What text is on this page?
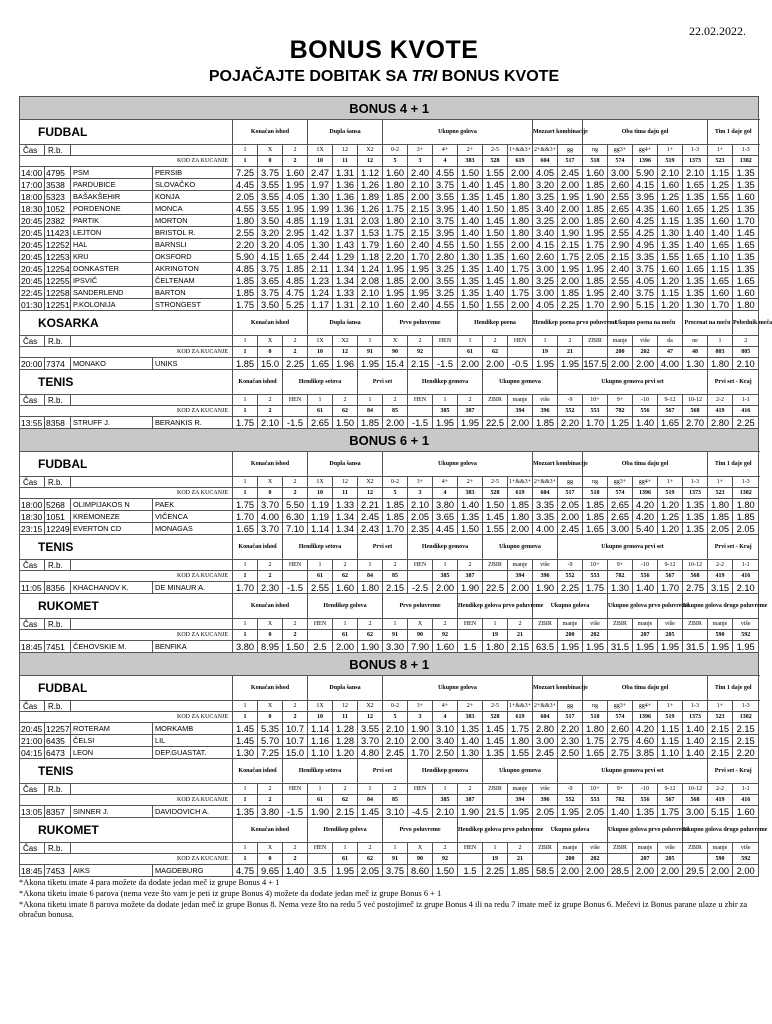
22.02.2022.
BONUS KVOTE
POJAČAJTE DOBITAK SA TRI BONUS KVOTE
BONUS 4 + 1																									
FUDBAL				Konačan ishod			Dupla šansa			Ukupno golova						Mozzart kombinacije		Oba tima daju gol					Tim 1 daje gol	
Čas	R.b.			1	X	2	1X	12	X2	0-2	3+	4+	2+	2-5	1+&&3+	2+&&3+	gg	ng	gg3+	gg4+	1+	1-3	1+	1-3	
KOD ZA KUCANJE				1	0	2	10	11	12	5	3	4	383	528	619	604	517	518	574	1396	519	1373	523	1382	
14:00	4795	PSM	PERSIB	7.25	3.75	1.60	2.47	1.31	1.12	1.60	2.40	4.55	1.50	1.55	2.00	4.05	2.45	1.60	3.00	5.90	2.10	2.10	1.15	1.35	
17:00	3538	PARDUBICE	SLOVAČKO	4.45	3.55	1.95	1.97	1.36	1.26	1.80	2.10	3.75	1.40	1.45	1.80	3.20	2.00	1.85	2.60	4.15	1.60	1.65	1.25	1.35	
18:00	5323	BAŠAKŠEHIR	KONJA	2.05	3.55	4.05	1.30	1.36	1.89	1.85	2.00	3.55	1.35	1.45	1.80	3.25	1.95	1.90	2.55	3.95	1.25	1.35	1.55	1.60	
18:30	1052	PORDENONE	MONCA	4.55	3.55	1.95	1.99	1.36	1.26	1.75	2.15	3.95	1.40	1.50	1.85	3.40	2.00	1.85	2.65	4.35	1.60	1.65	1.25	1.35	
20:45	2382	PARTIK	MORTON	1.80	3.50	4.85	1.19	1.31	2.03	1.80	2.10	3.75	1.40	1.45	1.80	3.25	2.00	1.85	2.60	4.25	1.15	1.35	1.60	1.70	
20:45	11423	LEJTON	BRISTOL R.	2.55	3.20	2.95	1.42	1.37	1.53	1.75	2.15	3.95	1.40	1.50	1.80	3.40	1.90	1.95	2.55	4.25	1.30	1.40	1.40	1.45	
20:45	12252	HAL	BARNSLI	2.20	3.20	4.05	1.30	1.43	1.79	1.60	2.40	4.55	1.50	1.55	2.00	4.15	2.15	1.75	2.90	4.95	1.35	1.40	1.65	1.65	
20:45	12253	KRU	OKSFORD	5.90	4.15	1.65	2.44	1.29	1.18	2.20	1.70	2.80	1.30	1.35	1.60	2.60	1.75	2.05	2.15	3.35	1.55	1.65	1.10	1.35	
20:45	12254	DONKASTER	AKRINGTON	4.85	3.75	1.85	2.11	1.34	1.24	1.95	1.95	3.25	1.35	1.40	1.75	3.00	1.95	1.95	2.40	3.75	1.60	1.65	1.15	1.35	
20:45	12255	IPSVIČ	ČELTENAM	1.85	3.65	4.85	1.23	1.34	2.08	1.85	2.00	3.55	1.35	1.45	1.80	3.25	2.00	1.85	2.55	4.05	1.20	1.35	1.65	1.65	
22:45	12258	SANDERLEND	BARTON	1.85	3.75	4.75	1.24	1.33	2.10	1.95	1.95	3.25	1.35	1.40	1.75	3.00	1.85	1.95	2.40	3.75	1.15	1.35	1.60	1.60	
01:30	12251	P.KOLONIJA	STRONGEST	1.75	3.50	5.25	1.17	1.31	2.10	1.60	2.40	4.55	1.50	1.55	2.00	4.05	2.25	1.70	2.90	5.15	1.20	1.30	1.70	1.80	
KOSARKA				Konačan ishod			Dupla šansa			Prvo poluvreme			Hendikep poena			Hendikep poena prvo poluvreme			Ukupno poena na meču			Procenat na meču		Pobednik meča	
Čas	R.b.			1	X	2	1X	X2	1	X	2	HEN	1	2	HEN	1	2	ZBIR	manje	više	da	ne	1	2	
KOD ZA KUCANJE				1	0	2	10	12	91	90	92		61	62		19	21		200	202	47	48	803	805	
20:00	7374	MONAKO	UNIKS	1.85	15.0	2.25	1.65	1.96	1.95	15.4	2.15	-1.5	2.00	2.00	-0.5	1.95	1.95	157.5	2.00	2.00	4.00	1.30	1.80	2.10	
TENIS				Konačan ishod		Hendikep setova			Prvi set		Hendikep gemova			Ukupno gemova			Ukupno gemova prvi set						Prvi set - Kraj		
Čas	R.b.			1	2	HEN	1	2	1	2	HEN	1	2	ZBIR	manje	više	-9	10+	9+	-10	9-12	10-12	2-2	1-1	
KOD ZA KUCANJE				1	2		61	62	84	85		385	387		394	396	552	553	782	556	567	568	419	416	
13:55	8358	STRUFF J.	BERANKIS R.	1.75	2.10	-1.5	2.65	1.50	1.85	2.00	-1.5	1.95	1.95	22.5	2.00	1.85	2.20	1.70	1.25	1.40	1.65	2.70	2.80	2.25	
BONUS 6 + 1																									
FUDBAL				Konačan ishod			Dupla šansa			Ukupno golova						Mozzart kombinacije		Oba tima daju gol					Tim 1 daje gol	
Čas	R.b.			1	X	2	1X	12	X2	0-2	3+	4+	2+	2-5	1+&&3+	2+&&3+	gg	ng	gg3+	gg4+	1+	1-3	1+	1-3	
KOD ZA KUCANJE				1	0	2	10	11	12	5	3	4	383	528	619	604	517	518	574	1396	519	1373	523	1382	
18:00	5268	OLIMPIJAKOS N	PAEK	1.75	3.70	5.50	1.19	1.33	2.21	1.85	2.10	3.80	1.40	1.50	1.85	3.35	2.05	1.85	2.65	4.20	1.20	1.35	1.80	1.80	
18:30	1051	KREMONEZE	VIČENCA	1.70	4.00	6.30	1.19	1.34	2.45	1.85	2.05	3.65	1.35	1.45	1.80	3.35	2.00	1.85	2.65	4.20	1.25	1.35	1.85	1.85	
23:15	12249	EVERTON CD	MONAGAS	1.65	3.70	7.10	1.14	1.34	2.43	1.70	2.35	4.45	1.50	1.55	2.00	4.00	2.45	1.65	3.00	5.40	1.20	1.35	2.05	2.05	
TENIS				Konačan ishod		Hendikep setova			Prvi set		Hendikep gemova			Ukupno gemova			Ukupno gemova prvi set						Prvi set - Kraj		
Čas	R.b.			1	2	HEN	1	2	1	2	HEN	1	2	ZBIR	manje	više	-9	10+	9+	-10	9-12	10-12	2-2	1-1	
KOD ZA KUCANJE				1	2		61	62	84	85		385	387		394	396	552	553	782	556	567	568	419	416	
11:05	8356	KHACHANOV K.	DE MINAUR A.	1.70	2.30	-1.5	2.55	1.60	1.80	2.15	-2.5	2.00	1.90	22.5	2.00	1.90	2.25	1.75	1.30	1.40	1.70	2.75	3.15	2.10	
RUKOMET				Konačan ishod			Hendikep golova			Prvo poluvreme			Hendikep golova prvo poluvreme			Ukupno golova			Ukupno golova prvo poluvreme			Ukupno golova drugo poluvreme			
Čas	R.b.			1	X	2	HEN	1	2	1	X	2	HEN	1	2	ZBIR	manje	više	ZBIR	manje	više	ZBIR	manje	više	
KOD ZA KUCANJE				1	0	2		61	62	91	90	92		19	21		200	202		207	205		590	592	
18:45	7451	ČEHOVSKIE M.	BENFIKA	3.80	8.95	1.50	2.5	2.00	1.90	3.30	7.90	1.60	1.5	1.80	2.15	63.5	1.95	1.95	31.5	1.95	1.95	31.5	1.95	1.95	
BONUS 8 + 1																									
FUDBAL				Konačan ishod			Dupla šansa			Ukupno golova						Mozzart kombinacije		Oba tima daju gol					Tim 1 daje gol	
Čas	R.b.			1	X	2	1X	12	X2	0-2	3+	4+	2+	2-5	1+&&3+	2+&&3+	gg	ng	gg3+	gg4+	1+	1-3	1+	1-3	
KOD ZA KUCANJE				1	0	2	10	11	12	5	3	4	383	528	619	604	517	518	574	1396	519	1373	523	1382	
20:45	12257	ROTERAM	MORKAMB	1.45	5.35	10.7	1.14	1.28	3.55	2.10	1.90	3.10	1.35	1.45	1.75	2.80	2.20	1.80	2.60	4.20	1.15	1.40	2.15	2.15	
21:00	6435	ČELSI	LIL	1.45	5.70	10.7	1.16	1.28	3.70	2.10	2.00	3.40	1.40	1.45	1.80	3.00	2.30	1.75	2.75	4.60	1.15	1.40	2.15	2.15	
04:15	6473	LEON	DEP.GUASTAT.	1.30	7.25	15.0	1.10	1.20	4.80	2.45	1.70	2.50	1.30	1.35	1.55	2.45	2.50	1.65	2.75	3.85	1.10	1.40	2.15	2.20	
TENIS				Konačan ishod		Hendikep setova			Prvi set		Hendikep gemova			Ukupno gemova			Ukupno gemova prvi set						Prvi set - Kraj		
Čas	R.b.			1	2	HEN	1	2	1	2	HEN	1	2	ZBIR	manje	više	-9	10+	9+	-10	9-12	10-12	2-2	1-1	
KOD ZA KUCANJE				1	2		61	62	84	85		385	387		394	396	552	553	782	556	567	568	419	416	
13:05	8357	SINNER J.	DAVIDOVICH A.	1.35	3.80	-1.5	1.90	2.15	1.45	3.10	-4.5	2.10	1.90	21.5	1.95	2.05	1.95	2.05	1.40	1.35	1.75	3.00	5.15	1.60	
RUKOMET				Konačan ishod			Hendikep golova			Prvo poluvreme			Hendikep golova prvo poluvreme			Ukupno golova			Ukupno golova prvo poluvreme			Ukupno golova drugo poluvreme			
Čas	R.b.			1	X	2	HEN	1	2	1	X	2	HEN	1	2	ZBIR	manje	više	ZBIR	manje	više	ZBIR	manje	više	
KOD ZA KUCANJE				1	0	2		61	62	91	90	92		19	21		200	202		207	205		590	592	
18:45	7453	AIKS	MAGDEBURG	4.75	9.65	1.40	3.5	1.95	2.05	3.75	8.60	1.50	1.5	2.25	1.85	58.5	2.00	2.00	28.5	2.00	2.00	29.5	2.00	2.00	
*Akona tiketu imate 4 para možete da dodate jedan meč iz grupe Bonus 4 + 1
*Akona tiketu imate 6 parova (nema veze što vam je peti iz grupe Bonus 4) možete da dodate jedan meč iz grupe Bonus 6 + 1
*Akona tiketu imate 8 parova možete da dodate jedan meč iz grupe Bonus 8. Nema veze što na redu 5 već postojimeč iz grupe Bonus 4 ili na redu 7 imate meč iz grupe Bonus 6. Mečevi iz Bonus parane ulaze u zbir za obračun bonusa.
